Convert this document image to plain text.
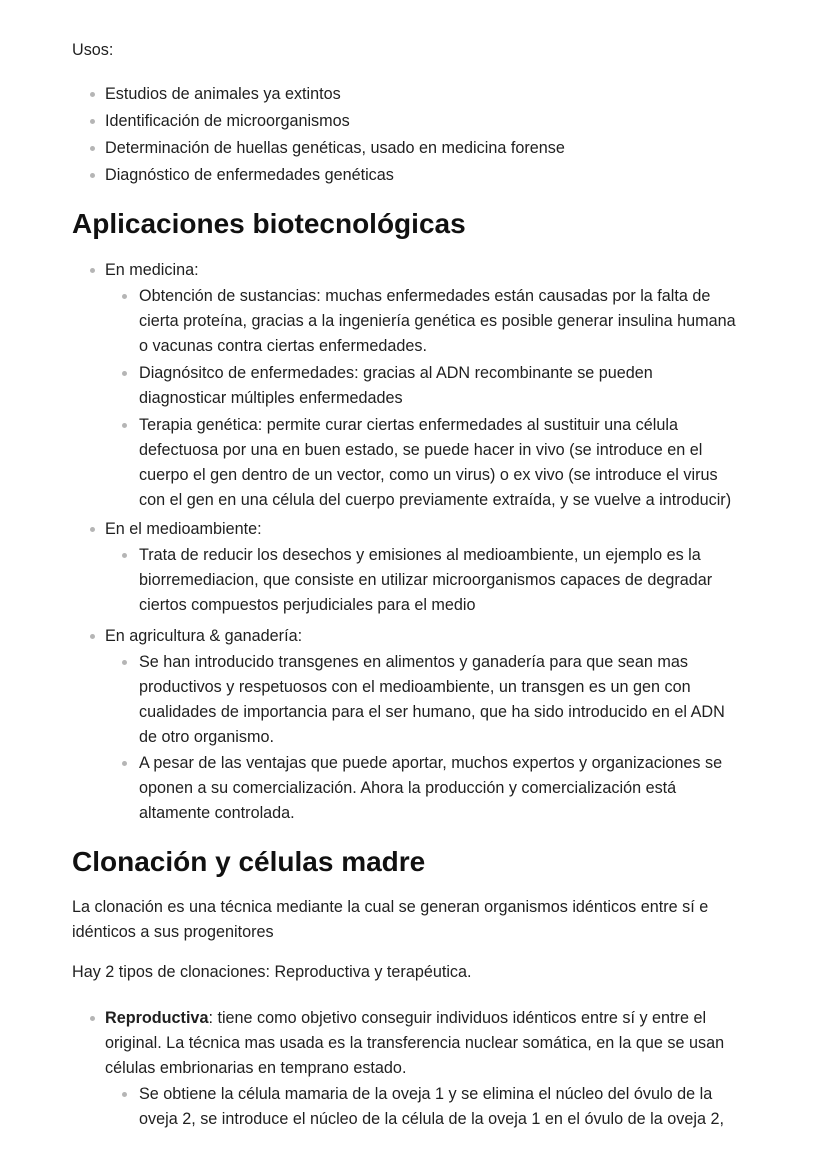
Usos:

Estudios de animales ya extintos

Identificación de microorganismos

Determinación de huellas genéticas, usado en medicina forense

Diagnóstico de enfermedades genéticas

Aplicaciones biotecnológicas

En medicina:

Obtención de sustancias: muchas enfermedades están causadas por la falta de

cierta proteína, gracias a la ingeniería genética es posible generar insulina humana

o vacunas contra ciertas enfermedades.

Diagnósitco de enfermedades: gracias al ADN recombinante se pueden

diagnosticar múltiples enfermedades

Terapia genética: permite curar ciertas enfermedades al sustituir una célula

defectuosa por una en buen estado, se puede hacer in vivo (se introduce en el

cuerpo el gen dentro de un vector, como un virus) o ex vivo (se introduce el virus

con el gen en una célula del cuerpo previamente extraída, y se vuelve a introducir)

En el medioambiente:

Trata de reducir los desechos y emisiones al medioambiente, un ejemplo es la

biorremediacion, que consiste en utilizar microorganismos capaces de degradar

ciertos compuestos perjudiciales para el medio

En agricultura & ganadería:

Se han introducido transgenes en alimentos y ganadería para que sean mas

productivos y respetuosos con el medioambiente, un transgen es un gen con

cualidades de importancia para el ser humano, que ha sido introducido en el ADN

de otro organismo.

A pesar de las ventajas que puede aportar, muchos expertos y organizaciones se

oponen a su comercialización. Ahora la producción y comercialización está

altamente controlada.

Clonación y células madre

La clonación es una técnica mediante la cual se generan organismos idénticos entre sí e

idénticos a sus progenitores

Hay 2 tipos de clonaciones: Reproductiva y terapéutica.

Reproductiva: tiene como objetivo conseguir individuos idénticos entre sí y entre el

original. La técnica mas usada es la transferencia nuclear somática, en la que se usan

células embrionarias en temprano estado.

Se obtiene la célula mamaria de la oveja 1 y se elimina el núcleo del óvulo de la

oveja 2, se introduce el núcleo de la célula de la oveja 1 en el óvulo de la oveja 2,
